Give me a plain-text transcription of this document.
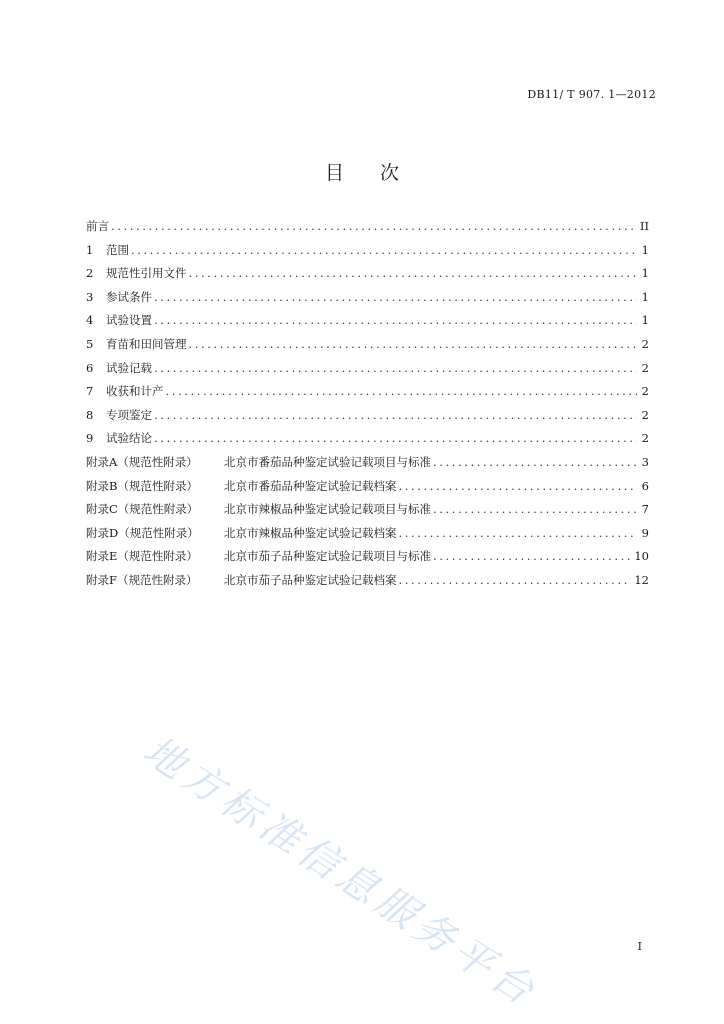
DB11/ T 907. 1—2012
目 次
前言 .....	II
1	范围 .....	1
2	规范性引用文件 .....	1
3	参试条件 .....	1
4	试验设置 .....	1
5	育苗和田间管理 .....	2
6	试验记载 .....	2
7	收获和计产 .....	2
8	专项鉴定 .....	2
9	试验结论 .....	2
附录A（规范性附录）	北京市番茄品种鉴定试验记载项目与标准 .....	3
附录B（规范性附录）	北京市番茄品种鉴定试验记载档案 .....	6
附录C（规范性附录）	北京市辣椒品种鉴定试验记载项目与标准 .....	7
附录D（规范性附录）	北京市辣椒品种鉴定试验记载档案 .....	9
附录E（规范性附录）	北京市茄子品种鉴定试验记载项目与标准 .....	10
附录F（规范性附录）	北京市茄子品种鉴定试验记载档案 .....	12
地方标准信息服务平台	I
